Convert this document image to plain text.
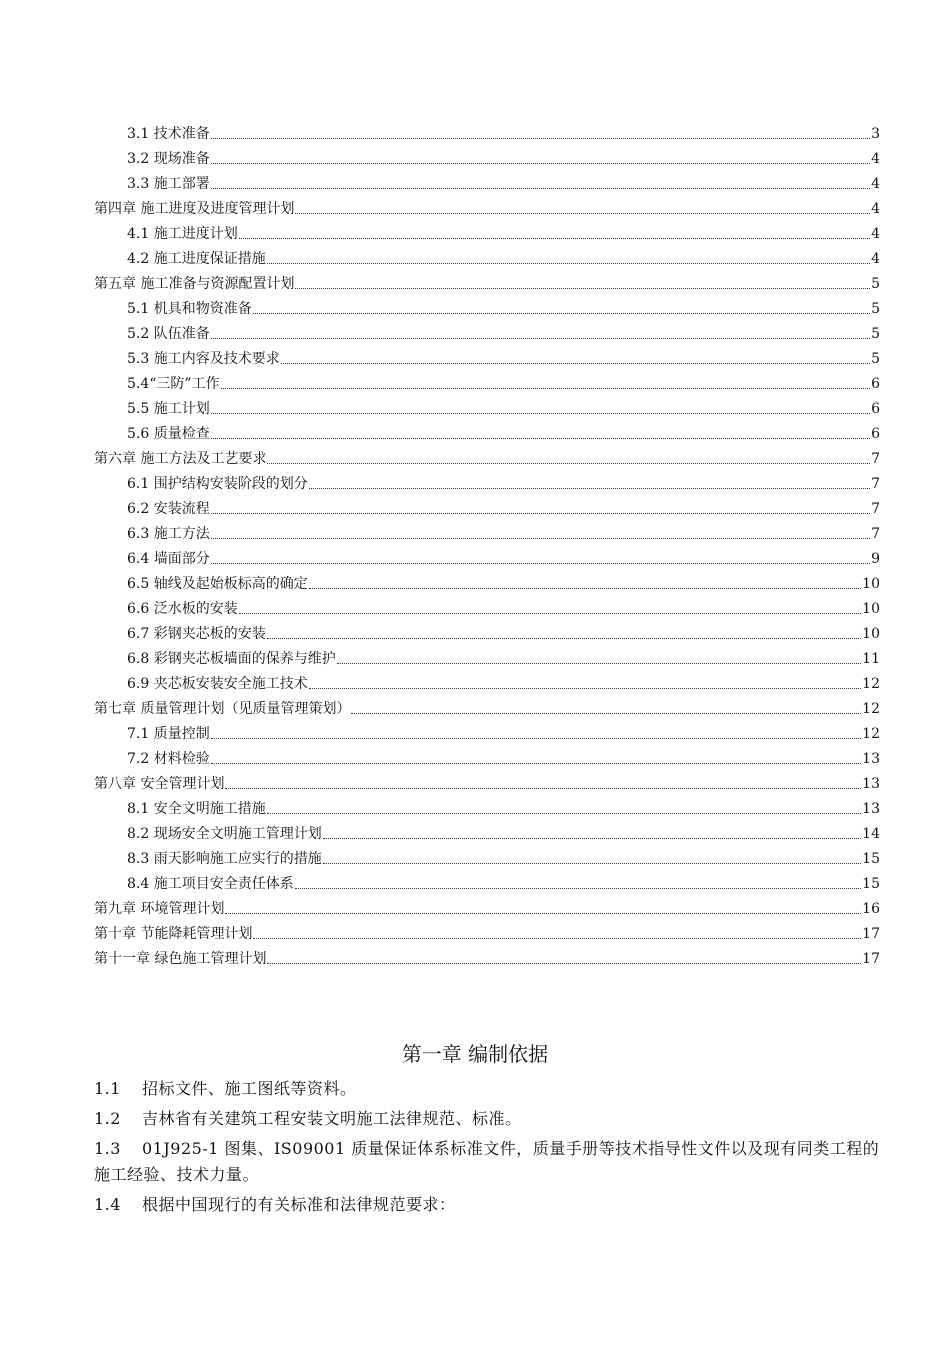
3.1 技术准备	3
3.2 现场准备	4
3.3 施工部署	4
第四章 施工进度及进度管理计划	4
4.1 施工进度计划	4
4.2 施工进度保证措施	4
第五章 施工准备与资源配置计划	5
5.1 机具和物资准备	5
5.2 队伍准备	5
5.3 施工内容及技术要求	5
5.4“三防”工作	6
5.5 施工计划	6
5.6 质量检查	6
第六章 施工方法及工艺要求	7
6.1 围护结构安装阶段的划分	7
6.2 安装流程	7
6.3 施工方法	7
6.4 墙面部分	9
6.5 轴线及起始板标高的确定	10
6.6 泛水板的安装	10
6.7 彩钢夹芯板的安装	10
6.8 彩钢夹芯板墙面的保养与维护	11
6.9 夹芯板安装安全施工技术	12
第七章 质量管理计划（见质量管理策划）	12
7.1 质量控制	12
7.2 材料检验	13
第八章 安全管理计划	13
8.1 安全文明施工措施	13
8.2 现场安全文明施工管理计划	14
8.3 雨天影响施工应实行的措施	15
8.4 施工项目安全责任体系	15
第九章 环境管理计划	16
第十章 节能降耗管理计划	17
第十一章 绿色施工管理计划	17
第一章 编制依据

1.1 招标文件、施工图纸等资料。

1.2 吉林省有关建筑工程安装文明施工法律规范、标准。

1.3 01J925-1 图集、IS09001 质量保证体系标准文件，质量手册等技术指导性文件以及现有同类工程的施工经验、技术力量。

1.4 根据中国现行的有关标准和法律规范要求：
